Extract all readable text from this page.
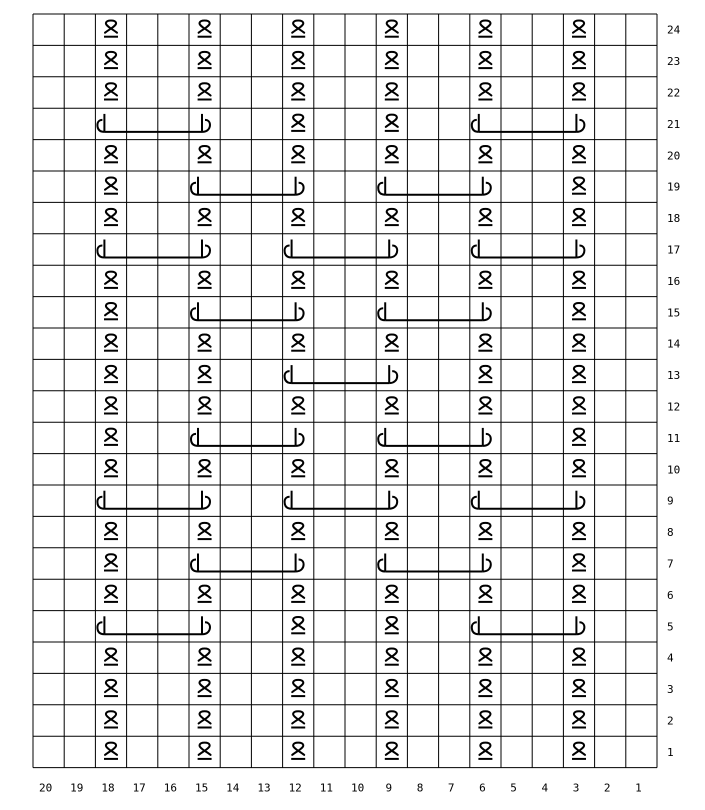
24
23
22
21
20
19
18
17
16
15
14
13
12
11
10
9
8
7
6
5
4
3
2
1
20 19 18 17 16 15 14 13 12 11 10 9 8 7 6 5 4 3 2 1
